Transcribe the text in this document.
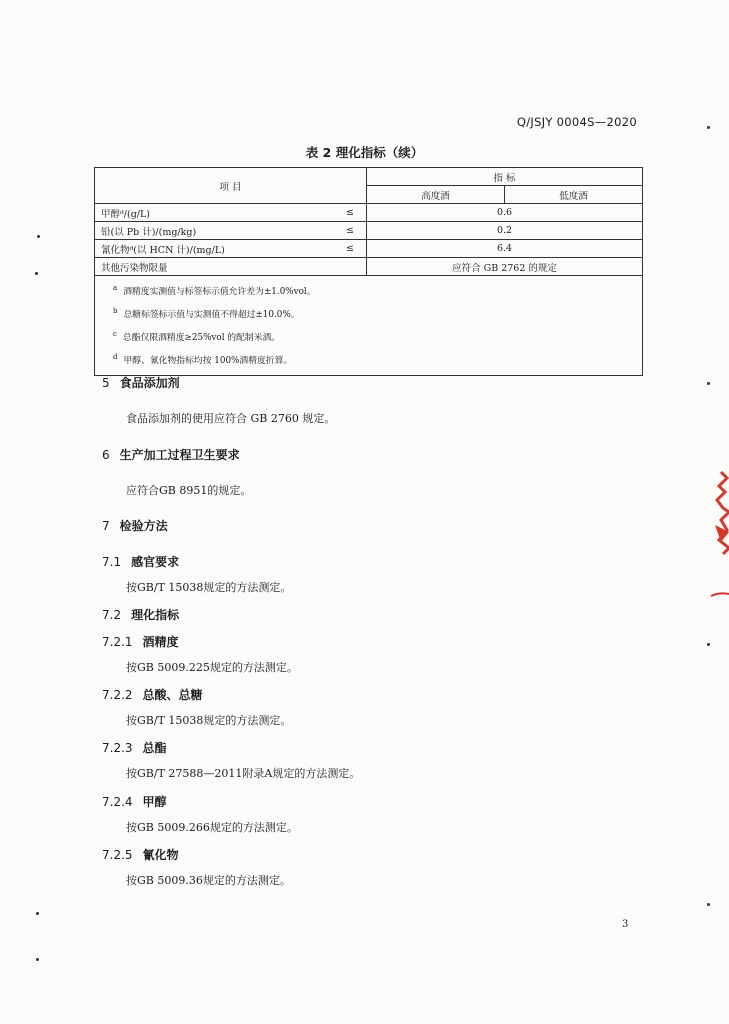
Q/JSJY 0004S—2020
表 2 理化指标（续）
项 目		指 标	
		高度酒	低度酒
甲醇ᵈ/(g/L)	≤	0.6	
铅(以 Pb 计)/(mg/kg)	≤	0.2	
氰化物ᵈ(以 HCN 计)/(mg/L)	≤	6.4	
其他污染物限量		应符合 GB 2762 的规定	

$^a$ 酒精度实测值与标签标示值允许差为±1.0%vol。
$^b$ 总糖标签标示值与实测值不得超过±10.0%。
$^c$ 总酯仅限酒精度≥25%vol 的配制米酒。
$^d$ 甲醇、氰化物指标均按 100%酒精度折算。			
5 食品添加剂
食品添加剂的使用应符合 GB 2760 规定。
6 生产加工过程卫生要求
应符合GB 8951的规定。
7 检验方法
7.1 感官要求
按GB/T 15038规定的方法测定。
7.2 理化指标
7.2.1 酒精度
按GB 5009.225规定的方法测定。
7.2.2 总酸、总糖
按GB/T 15038规定的方法测定。
7.2.3 总酯
按GB/T 27588—2011附录A规定的方法测定。
7.2.4 甲醇
按GB 5009.266规定的方法测定。
7.2.5 氰化物
按GB 5009.36规定的方法测定。
3
